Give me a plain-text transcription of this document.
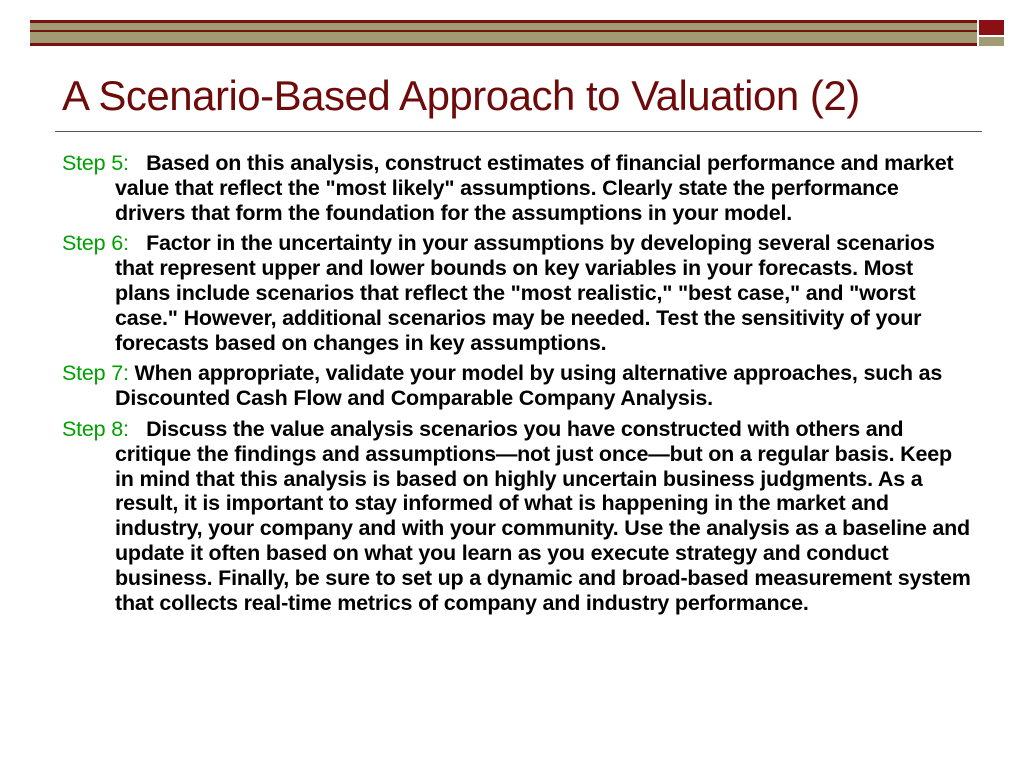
A Scenario-Based Approach to Valuation (2)

Step 5: Based on this analysis, construct estimates of financial performance and market value that reflect the "most likely" assumptions. Clearly state the performance drivers that form the foundation for the assumptions in your model.

Step 6: Factor in the uncertainty in your assumptions by developing several scenarios that represent upper and lower bounds on key variables in your forecasts. Most plans include scenarios that reflect the "most realistic," "best case," and "worst case." However, additional scenarios may be needed. Test the sensitivity of your forecasts based on changes in key assumptions.

Step 7: When appropriate, validate your model by using alternative approaches, such as Discounted Cash Flow and Comparable Company Analysis.

Step 8: Discuss the value analysis scenarios you have constructed with others and critique the findings and assumptions—not just once—but on a regular basis. Keep in mind that this analysis is based on highly uncertain business judgments. As a result, it is important to stay informed of what is happening in the market and industry, your company and with your community. Use the analysis as a baseline and update it often based on what you learn as you execute strategy and conduct business. Finally, be sure to set up a dynamic and broad-based measurement system that collects real-time metrics of company and industry performance.
